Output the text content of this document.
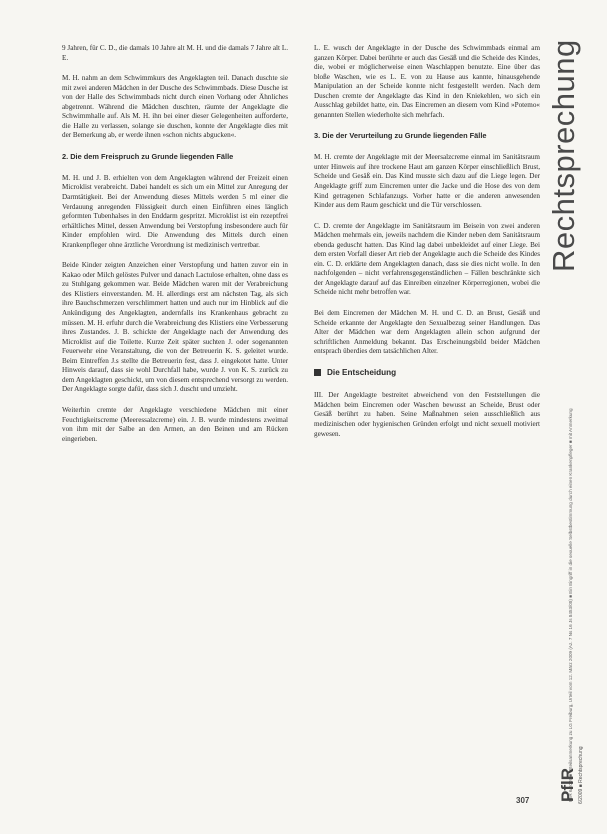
9 Jahren, für C. D., die damals 10 Jahre alt M. H. und die damals 7 Jahre alt L. E.

M. H. nahm an dem Schwimmkurs des Angeklagten teil. Danach duschte sie mit zwei anderen Mädchen in der Dusche des Schwimmbads. Diese Dusche ist von der Halle des Schwimmbads nicht durch einen Vorhang oder Ähnliches abgetrennt. Während die Mädchen duschten, räumte der Angeklagte die Schwimmhalle auf. Als M. H. ihn bei einer dieser Gelegenheiten aufforderte, die Halle zu verlassen, solange sie duschen, konnte der Angeklagte dies mit der Bemerkung ab, er werde ihnen »schon nichts abgucken«.

2. Die dem Freispruch zu Grunde liegenden Fälle

M. H. und J. B. erhielten von dem Angeklagten während der Freizeit einen Microklist verabreicht. Dabei handelt es sich um ein Mittel zur Anregung der Darmtätigkeit. Bei der Anwendung dieses Mittels werden 5 ml einer die Verdauung anregenden Flüssigkeit durch einen Einführen eines länglich geformten Tubenhalses in den Enddarm gespritzt. Microklist ist ein rezeptfrei erhältliches Mittel, dessen Anwendung bei Verstopfung insbesondere auch für Kinder empfohlen wird. Die Anwendung des Mittels durch einen Krankenpfleger ohne ärztliche Verordnung ist medizinisch vertretbar.

Beide Kinder zeigten Anzeichen einer Verstopfung und hatten zuvor ein in Kakao oder Milch gelöstes Pulver und danach Lactulose erhalten, ohne dass es zu Stuhlgang gekommen war. Beide Mädchen waren mit der Verabreichung des Klistiers einverstanden. M. H. allerdings erst am nächsten Tag, als sich ihre Bauchschmerzen verschlimmert hatten und auch nur im Hinblick auf die Ankündigung des Angeklagten, andernfalls ins Krankenhaus gebracht zu müssen. M. H. erfuhr durch die Verabreichung des Klistiers eine Verbesserung ihres Zustandes. J. B. schickte der Angeklagte nach der Anwendung des Microklist auf die Toilette. Kurze Zeit später suchten J. oder sogenannten Feuerwehr eine Veranstaltung, die von der Betreuerin K. S. geleitet wurde. Beim Eintreffen J.s stellte die Betreuerin fest, dass J. eingekotet hatte. Unter Hinweis darauf, dass sie wohl Durchfall habe, wurde J. von K. S. zurück zu dem Angeklagten geschickt, um von diesem entsprechend versorgt zu werden. Der Angeklagte sorgte dafür, dass sich J. duscht und umzieht.

Weiterhin cremte der Angeklagte verschiedene Mädchen mit einer Feuchtigkeitscreme (Meeressalzcreme) ein. J. B. wurde mindestens zweimal von ihm mit der Salbe an den Armen, an den Beinen und am Rücken eingerieben.

L. E. wusch der Angeklagte in der Dusche des Schwimmbads einmal am ganzen Körper. Dabei berührte er auch das Gesäß und die Scheide des Kindes, die, wobei er möglicherweise einen Waschlappen benutzte. Eine über das bloße Waschen, wie es L. E. von zu Hause aus kannte, hinausgehende Manipulation an der Scheide konnte nicht festgestellt werden. Nach dem Duschen cremte der Angeklagte das Kind in den Kniekehlen, wo sich ein Ausschlag gebildet hatte, ein. Das Eincremen an diesem vom Kind »Potemo« genannten Stellen wiederholte sich mehrfach.

3. Die der Verurteilung zu Grunde liegenden Fälle

M. H. cremte der Angeklagte mit der Meersalzcreme einmal im Sanitätsraum unter Hinweis auf ihre trockene Haut am ganzen Körper einschließlich Brust, Scheide und Gesäß ein. Das Kind musste sich dazu auf die Liege legen. Der Angeklagte griff zum Eincremen unter die Jacke und die Hose des von dem Kind getragenen Schlafanzugs. Vorher hatte er die anderen anwesenden Kinder aus dem Raum geschickt und die Tür verschlossen.

C. D. cremte der Angeklagte im Sanitätsraum im Beisein von zwei anderen Mädchen mehrmals ein, jeweils nachdem die Kinder neben dem Sanitätsraum ebenda geduscht hatten. Das Kind lag dabei unbekleidet auf einer Liege. Bei dem ersten Vorfall dieser Art rieb der Angeklagte auch die Scheide des Kindes ein. C. D. erklärte dem Angeklagten danach, dass sie dies nicht wolle. In den nachfolgenden – nicht verfahrensgegenständlichen – Fällen beschränkte sich der Angeklagte darauf auf das Einreiben einzelner Körperregionen, wobei die Scheide nicht mehr betroffen war.

Bei dem Eincremen der Mädchen M. H. und C. D. an Brust, Gesäß und Scheide erkannte der Angeklagte den Sexualbezug seiner Handlungen. Das Alter der Mädchen war dem Angeklagten allein schon aufgrund der schriftlichen Anmeldung bekannt. Das Erscheinungsbild beider Mädchen entsprach überdies dem tatsächlichen Alter.

Die Entscheidung

III. Der Angeklagte bestreitet abweichend von den Feststellungen die Mädchen beim Eincremen oder Waschen bewusst an Scheide, Brust oder Gesäß berührt zu haben. Seine Maßnahmen seien ausschließlich aus medizinischen oder hygienischen Gründen erfolgt und nicht sexuell motiviert gewesen.

Rechtsprechung
PflR 6/2009 ■ Urteilsanmerkung zu LG Freiburg, Urteil vom 12. März 2009 (Az. 7 Ns 16 Js 8453/08) ■ Ein Eingriff in die sexuelle Selbstbestimmung durch einen Krankenpfleger ■ mit Anmerkung
PflR 6/2009 ■ Rechtsprechung
307
